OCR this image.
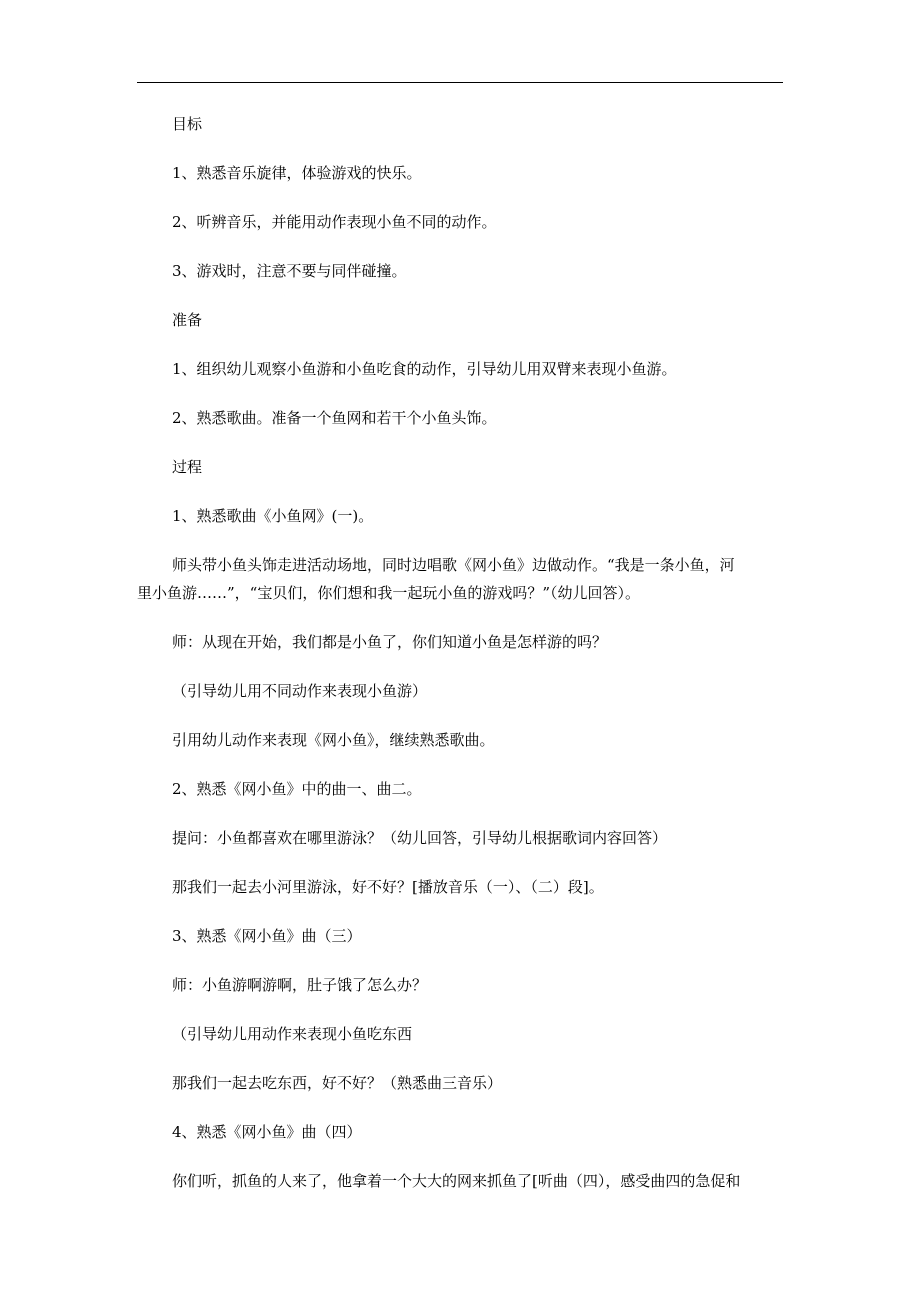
目标
1、熟悉音乐旋律，体验游戏的快乐。
2、听辨音乐，并能用动作表现小鱼不同的动作。
3、游戏时，注意不要与同伴碰撞。
准备
1、组织幼儿观察小鱼游和小鱼吃食的动作，引导幼儿用双臂来表现小鱼游。
2、熟悉歌曲。准备一个鱼网和若干个小鱼头饰。
过程
1、熟悉歌曲《小鱼网》(一)。
师头带小鱼头饰走进活动场地，同时边唱歌《网小鱼》边做动作。“我是一条小鱼，河
里小鱼游……”，“宝贝们，你们想和我一起玩小鱼的游戏吗？”（幼儿回答）。
师：从现在开始，我们都是小鱼了，你们知道小鱼是怎样游的吗？
（引导幼儿用不同动作来表现小鱼游）
引用幼儿动作来表现《网小鱼》，继续熟悉歌曲。
2、熟悉《网小鱼》中的曲一、曲二。
提问：小鱼都喜欢在哪里游泳？（幼儿回答，引导幼儿根据歌词内容回答）
那我们一起去小河里游泳，好不好？[播放音乐（一）、（二）段]。
3、熟悉《网小鱼》曲（三）
师：小鱼游啊游啊，肚子饿了怎么办？
（引导幼儿用动作来表现小鱼吃东西
那我们一起去吃东西，好不好？（熟悉曲三音乐）
4、熟悉《网小鱼》曲（四）
你们听，抓鱼的人来了，他拿着一个大大的网来抓鱼了[听曲（四），感受曲四的急促和
